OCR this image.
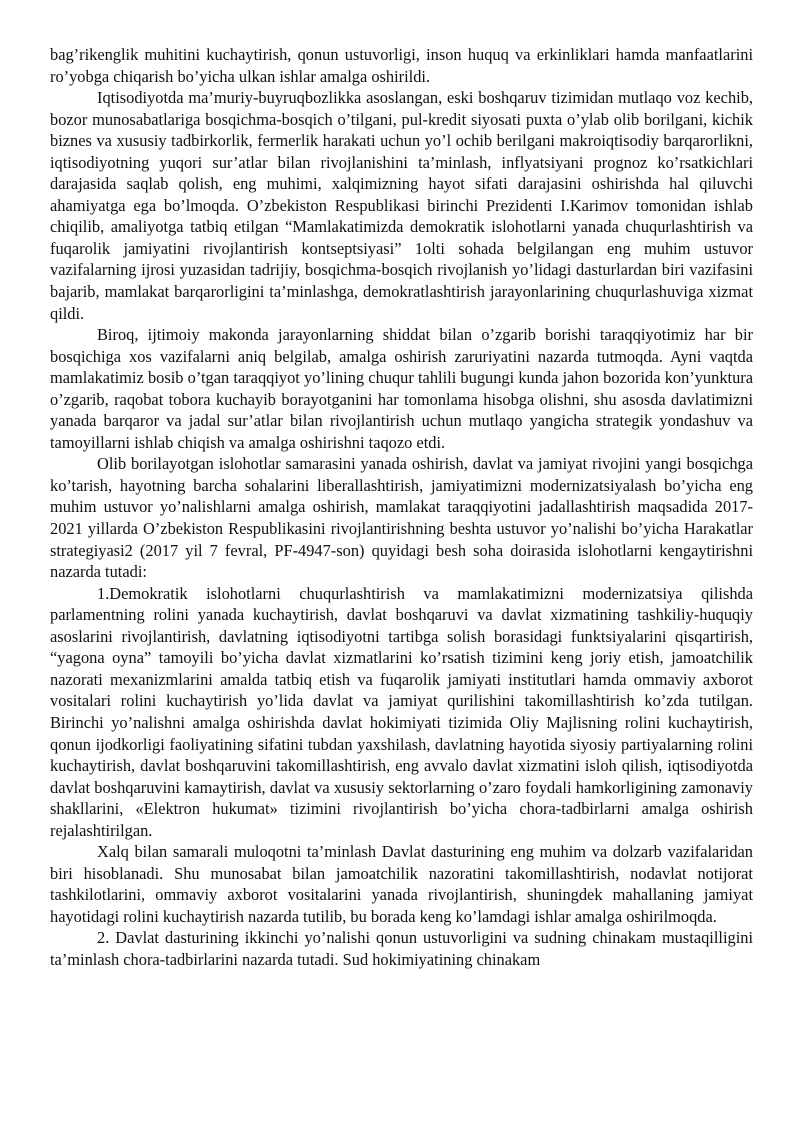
bag’rikenglik muhitini kuchaytirish, qonun ustuvorligi, inson huquq va erkinliklari hamda manfaatlarini ro’yobga chiqarish bo’yicha ulkan ishlar amalga oshirildi.

Iqtisodiyotda ma’muriy-buyruqbozlikka asoslangan, eski boshqaruv tizimidan mutlaqo voz kechib, bozor munosabatlariga bosqichma-bosqich o’tilgani, pul-kredit siyosati puxta o’ylab olib borilgani, kichik biznes va xususiy tadbirkorlik, fermerlik harakati uchun yo’l ochib berilgani makroiqtisodiy barqarorlikni, iqtisodiyotning yuqori sur’atlar bilan rivojlanishini ta’minlash, inflyatsiyani prognoz ko’rsatkichlari darajasida saqlab qolish, eng muhimi, xalqimizning hayot sifati darajasini oshirishda hal qiluvchi ahamiyatga ega bo’lmoqda. O’zbekiston Respublikasi birinchi Prezidenti I.Karimov tomonidan ishlab chiqilib, amaliyotga tatbiq etilgan “Mamlakatimizda demokratik islohotlarni yanada chuqurlashtirish va fuqarolik jamiyatini rivojlantirish kontseptsiyasi” 1olti sohada belgilangan eng muhim ustuvor vazifalarning ijrosi yuzasidan tadrijiy, bosqichma-bosqich rivojlanish yo’lidagi dasturlardan biri vazifasini bajarib, mamlakat barqarorligini ta’minlashga, demokratlashtirish jarayonlarining chuqurlashuviga xizmat qildi.

Biroq, ijtimoiy makonda jarayonlarning shiddat bilan o’zgarib borishi taraqqiyotimiz har bir bosqichiga xos vazifalarni aniq belgilab, amalga oshirish zaruriyatini nazarda tutmoqda. Ayni vaqtda mamlakatimiz bosib o’tgan taraqqiyot yo’lining chuqur tahlili bugungi kunda jahon bozorida kon’yunktura o’zgarib, raqobat tobora kuchayib borayotganini har tomonlama hisobga olishni, shu asosda davlatimizni yanada barqaror va jadal sur’atlar bilan rivojlantirish uchun mutlaqo yangicha strategik yondashuv va tamoyillarni ishlab chiqish va amalga oshirishni taqozo etdi.

Olib borilayotgan islohotlar samarasini yanada oshirish, davlat va jamiyat rivojini yangi bosqichga ko’tarish, hayotning barcha sohalarini liberallashtirish, jamiyatimizni modernizatsiyalash bo’yicha eng muhim ustuvor yo’nalishlarni amalga oshirish, mamlakat taraqqiyotini jadallashtirish maqsadida 2017-2021 yillarda O’zbekiston Respublikasini rivojlantirishning beshta ustuvor yo’nalishi bo’yicha Harakatlar strategiyasi2 (2017 yil 7 fevral, PF-4947-son) quyidagi besh soha doirasida islohotlarni kengaytirishni nazarda tutadi:

1.Demokratik islohotlarni chuqurlashtirish va mamlakatimizni modernizatsiya qilishda parlamentning rolini yanada kuchaytirish, davlat boshqaruvi va davlat xizmatining tashkiliy-huquqiy asoslarini rivojlantirish, davlatning iqtisodiyotni tartibga solish borasidagi funktsiyalarini qisqartirish, “yagona oyna” tamoyili bo’yicha davlat xizmatlarini ko’rsatish tizimini keng joriy etish, jamoatchilik nazorati mexanizmlarini amalda tatbiq etish va fuqarolik jamiyati institutlari hamda ommaviy axborot vositalari rolini kuchaytirish yo’lida davlat va jamiyat qurilishini takomillashtirish ko’zda tutilgan. Birinchi yo’nalishni amalga oshirishda davlat hokimiyati tizimida Oliy Majlisning rolini kuchaytirish, qonun ijodkorligi faoliyatining sifatini tubdan yaxshilash, davlatning hayotida siyosiy partiyalarning rolini kuchaytirish, davlat boshqaruvini takomillashtirish, eng avvalo davlat xizmatini isloh qilish, iqtisodiyotda davlat boshqaruvini kamaytirish, davlat va xususiy sektorlarning o’zaro foydali hamkorligining zamonaviy shakllarini, «Elektron hukumat» tizimini rivojlantirish bo’yicha chora-tadbirlarni amalga oshirish rejalashtirilgan.

Xalq bilan samarali muloqotni ta’minlash Davlat dasturining eng muhim va dolzarb vazifalaridan biri hisoblanadi. Shu munosabat bilan jamoatchilik nazoratini takomillashtirish, nodavlat notijorat tashkilotlarini, ommaviy axborot vositalarini yanada rivojlantirish, shuningdek mahallaning jamiyat hayotidagi rolini kuchaytirish nazarda tutilib, bu borada keng ko’lamdagi ishlar amalga oshirilmoqda.

2. Davlat dasturining ikkinchi yo’nalishi qonun ustuvorligini va sudning chinakam mustaqilligini ta’minlash chora-tadbirlarini nazarda tutadi. Sud hokimiyatining chinakam
